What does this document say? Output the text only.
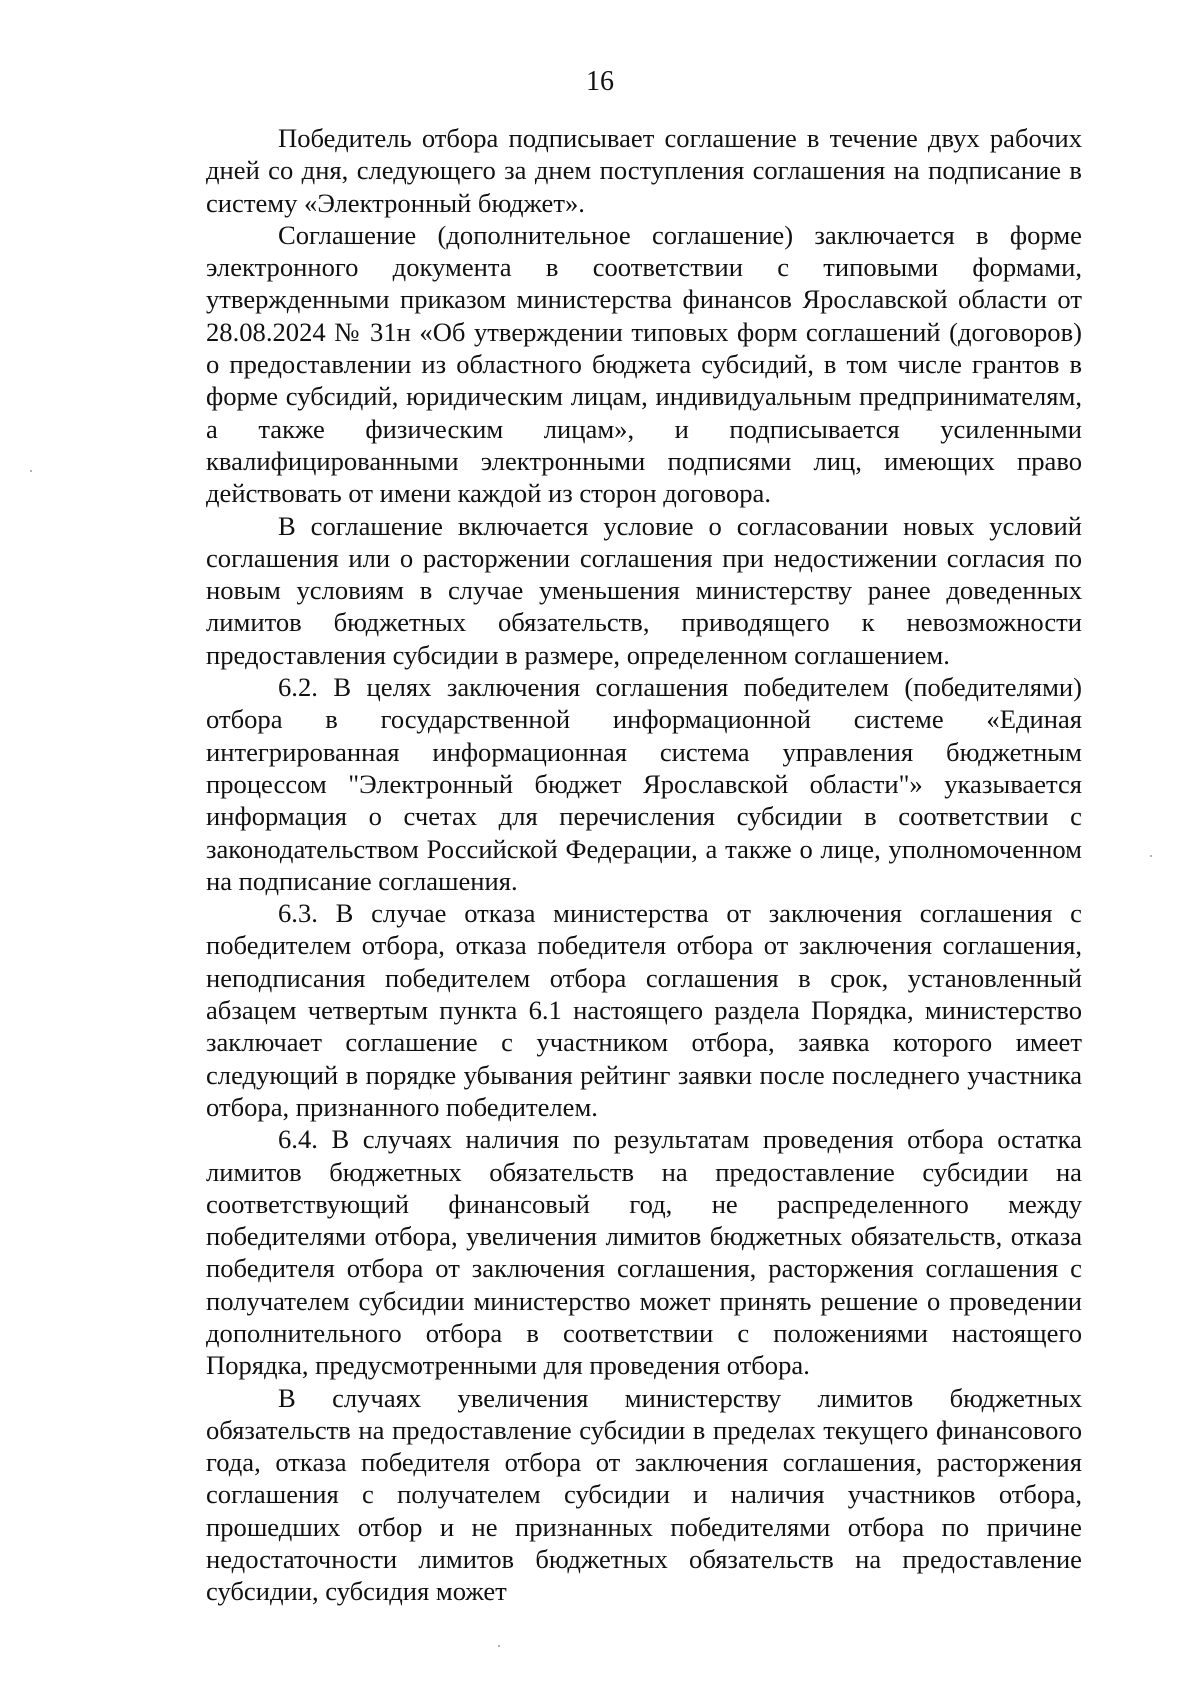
16

Победитель отбора подписывает соглашение в течение двух рабочих дней со дня, следующего за днем поступления соглашения на подписание в систему «Электронный бюджет».

Соглашение (дополнительное соглашение) заключается в форме электронного документа в соответствии с типовыми формами, утвержденными приказом министерства финансов Ярославской области от 28.08.2024 № 31н «Об утверждении типовых форм соглашений (договоров) о предоставлении из областного бюджета субсидий, в том числе грантов в форме субсидий, юридическим лицам, индивидуальным предпринимателям, а также физическим лицам», и подписывается усиленными квалифицированными электронными подписями лиц, имеющих право действовать от имени каждой из сторон договора.

В соглашение включается условие о согласовании новых условий соглашения или о расторжении соглашения при недостижении согласия по новым условиям в случае уменьшения министерству ранее доведенных лимитов бюджетных обязательств, приводящего к невозможности предоставления субсидии в размере, определенном соглашением.

6.2. В целях заключения соглашения победителем (победителями) отбора в государственной информационной системе «Единая интегрированная информационная система управления бюджетным процессом "Электронный бюджет Ярославской области"» указывается информация о счетах для перечисления субсидии в соответствии с законодательством Российской Федерации, а также о лице, уполномоченном на подписание соглашения.

6.3. В случае отказа министерства от заключения соглашения с победителем отбора, отказа победителя отбора от заключения соглашения, неподписания победителем отбора соглашения в срок, установленный абзацем четвертым пункта 6.1 настоящего раздела Порядка, министерство заключает соглашение с участником отбора, заявка которого имеет следующий в порядке убывания рейтинг заявки после последнего участника отбора, признанного победителем.

6.4. В случаях наличия по результатам проведения отбора остатка лимитов бюджетных обязательств на предоставление субсидии на соответствующий финансовый год, не распределенного между победителями отбора, увеличения лимитов бюджетных обязательств, отказа победителя отбора от заключения соглашения, расторжения соглашения с получателем субсидии министерство может принять решение о проведении дополнительного отбора в соответствии с положениями настоящего Порядка, предусмотренными для проведения отбора.

В случаях увеличения министерству лимитов бюджетных обязательств на предоставление субсидии в пределах текущего финансового года, отказа победителя отбора от заключения соглашения, расторжения соглашения с получателем субсидии и наличия участников отбора, прошедших отбор и не признанных победителями отбора по причине недостаточности лимитов бюджетных обязательств на предоставление субсидии, субсидия может
